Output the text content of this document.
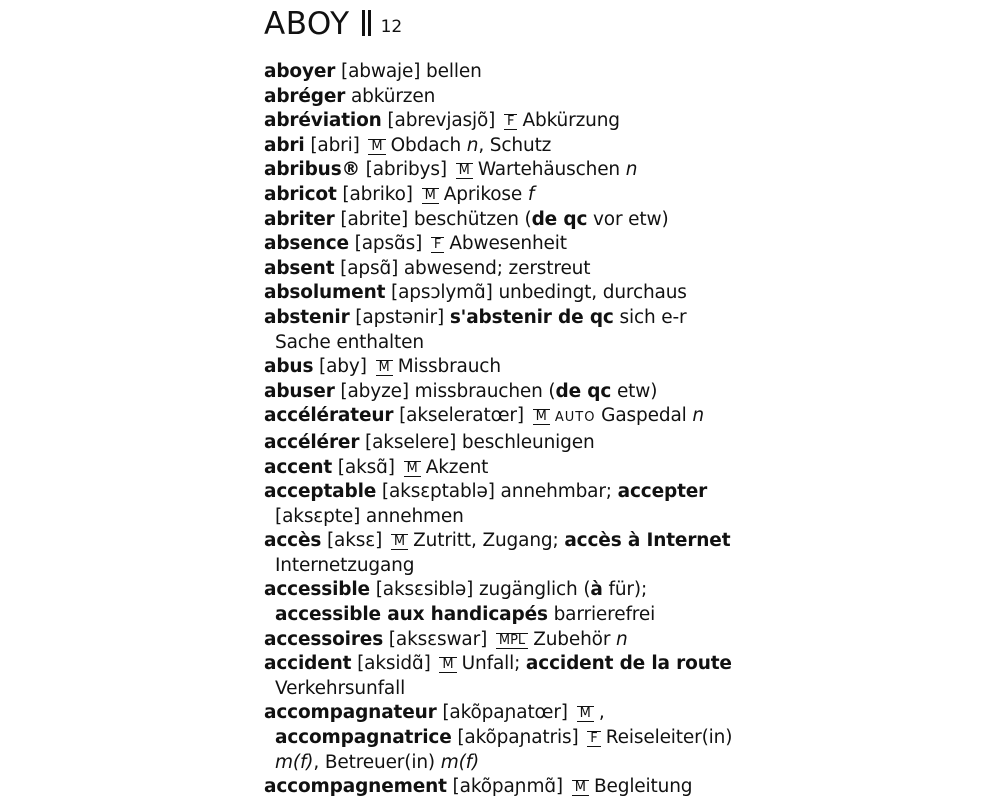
ABOY 12
aboyer [abwaje] bellen
abréger abkürzen
abréviation [abrevjasjõ] F Abkürzung
abri [abri] M Obdach n, Schutz
abribus® [abribys] M Wartehäuschen n
abricot [abriko] M Aprikose f
abriter [abrite] beschützen (de qc vor etw)
absence [apsɑ̃s] F Abwesenheit
absent [apsɑ̃] abwesend; zerstreut
absolument [apsɔlymɑ̃] unbedingt, durchaus
abstenir [apstənir] s'abstenir de qc sich e-r Sache enthalten
abus [aby] M Missbrauch
abuser [abyze] missbrauchen (de qc etw)
accélérateur [akseleratœr] M AUTO Gaspedal n
accélérer [akselere] beschleunigen
accent [aksɑ̃] M Akzent
acceptable [aksɛptablə] annehmbar; accepter [aksɛpte] annehmen
accès [aksɛ] M Zutritt, Zugang; accès à Internet Internetzugang
accessible [aksɛsiblə] zugänglich (à für); accessible aux handicapés barrierefrei
accessoires [aksɛswar] MPL Zubehör n
accident [aksidɑ̃] M Unfall; accident de la route Verkehrsunfall
accompagnateur [akõpaɲatœr] M , accompagnatrice [akõpaɲatris] F Reiseleiter(in) m(f), Betreuer(in) m(f)
accompagnement [akõpaɲmɑ̃] M Begleitung
